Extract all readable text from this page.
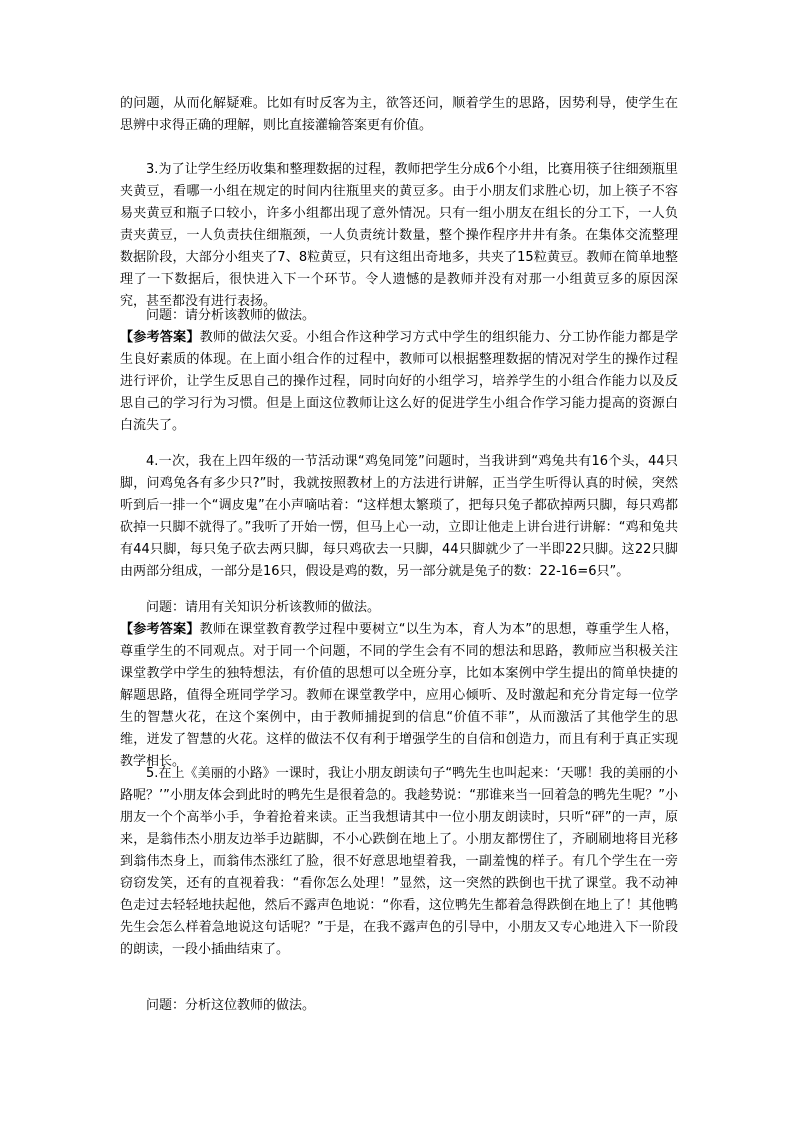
的问题，从而化解疑难。比如有时反客为主，欲答还问，顺着学生的思路，因势利导，使学生在思辨中求得正确的理解，则比直接灌输答案更有价值。

3.为了让学生经历收集和整理数据的过程，教师把学生分成6个小组，比赛用筷子往细颈瓶里夹黄豆，看哪一小组在规定的时间内往瓶里夹的黄豆多。由于小朋友们求胜心切，加上筷子不容易夹黄豆和瓶子口较小，许多小组都出现了意外情况。只有一组小朋友在组长的分工下，一人负责夹黄豆，一人负责扶住细瓶颈，一人负责统计数量，整个操作程序井井有条。在集体交流整理数据阶段，大部分小组夹了7、8粒黄豆，只有这组出奇地多，共夹了15粒黄豆。教师在简单地整理了一下数据后，很快进入下一个环节。令人遗憾的是教师并没有对那一小组黄豆多的原因深究，甚至都没有进行表扬。

问题：请分析该教师的做法。

【参考答案】教师的做法欠妥。小组合作这种学习方式中学生的组织能力、分工协作能力都是学生良好素质的体现。在上面小组合作的过程中，教师可以根据整理数据的情况对学生的操作过程进行评价，让学生反思自己的操作过程，同时向好的小组学习，培养学生的小组合作能力以及反思自己的学习行为习惯。但是上面这位教师让这么好的促进学生小组合作学习能力提高的资源白白流失了。

4.一次，我在上四年级的一节活动课“鸡兔同笼”问题时，当我讲到“鸡兔共有16个头，44只脚，问鸡兔各有多少只?”时，我就按照教材上的方法进行讲解，正当学生听得认真的时候，突然听到后一排一个“调皮鬼”在小声嘀咕着：“这样想太繁琐了，把每只兔子都砍掉两只脚，每只鸡都砍掉一只脚不就得了。”我听了开始一愣，但马上心一动，立即让他走上讲台进行讲解：“鸡和兔共有44只脚，每只兔子砍去两只脚，每只鸡砍去一只脚，44只脚就少了一半即22只脚。这22只脚由两部分组成，一部分是16只，假设是鸡的数，另一部分就是兔子的数：22-16=6只”。

问题：请用有关知识分析该教师的做法。

【参考答案】教师在课堂教育教学过程中要树立“以生为本，育人为本”的思想，尊重学生人格，尊重学生的不同观点。对于同一个问题，不同的学生会有不同的想法和思路，教师应当积极关注课堂教学中学生的独特想法，有价值的思想可以全班分享，比如本案例中学生提出的简单快捷的解题思路，值得全班同学学习。教师在课堂教学中，应用心倾听、及时激起和充分肯定每一位学生的智慧火花，在这个案例中，由于教师捕捉到的信息“价值不菲”，从而激活了其他学生的思维，迸发了智慧的火花。这样的做法不仅有利于增强学生的自信和创造力，而且有利于真正实现教学相长。

5.在上《美丽的小路》一课时，我让小朋友朗读句子“鸭先生也叫起来：‘天哪！我的美丽的小路呢？’”小朋友体会到此时的鸭先生是很着急的。我趁势说：“那谁来当一回着急的鸭先生呢？”小朋友一个个高举小手，争着抢着来读。正当我想请其中一位小朋友朗读时，只听“砰”的一声，原来，是翁伟杰小朋友边举手边踮脚，不小心跌倒在地上了。小朋友都愣住了，齐刷刷地将目光移到翁伟杰身上，而翁伟杰涨红了脸，很不好意思地望着我，一副羞愧的样子。有几个学生在一旁窃窃发笑，还有的直视着我：“看你怎么处理！”显然，这一突然的跌倒也干扰了课堂。我不动神色走过去轻轻地扶起他，然后不露声色地说：“你看，这位鸭先生都着急得跌倒在地上了！其他鸭先生会怎么样着急地说这句话呢？”于是，在我不露声色的引导中，小朋友又专心地进入下一阶段的朗读，一段小插曲结束了。

问题：分析这位教师的做法。
